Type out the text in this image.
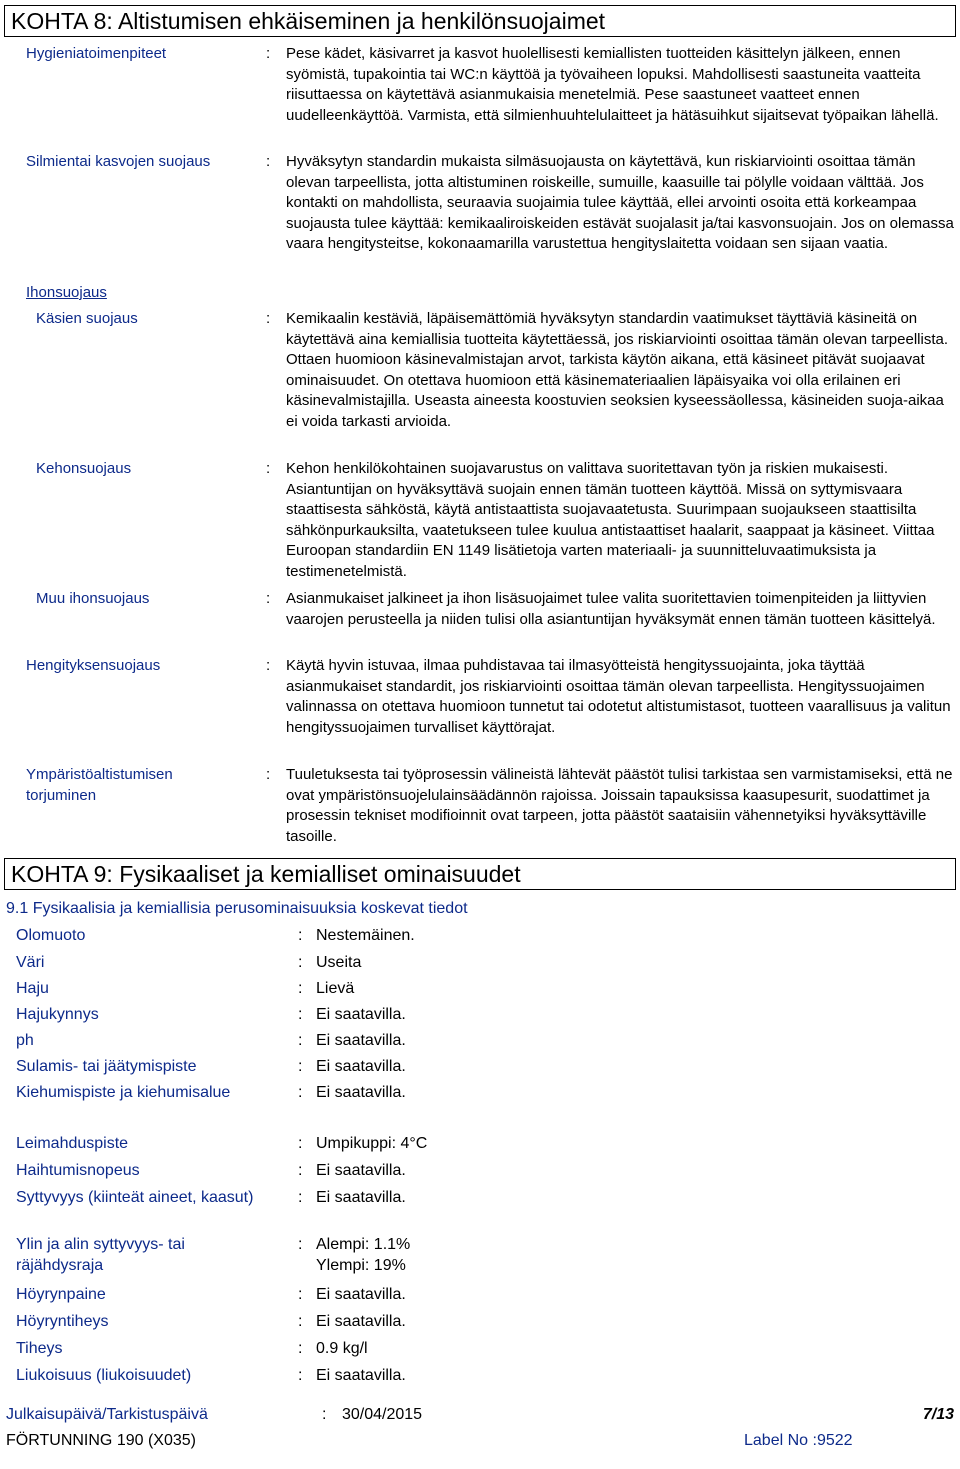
KOHTA 8: Altistumisen ehkäiseminen ja henkilönsuojaimet
Hygieniatoimenpiteet	: Pese kädet, käsivarret ja kasvot huolellisesti kemiallisten tuotteiden käsittelyn jälkeen, ennen syömistä, tupakointia tai WC:n käyttöä ja työvaiheen lopuksi. Mahdollisesti saastuneita vaatteita riisuttaessa on käytettävä asianmukaisia menetelmiä. Pese saastuneet vaatteet ennen uudelleenkäyttöä. Varmista, että silmienhuuhtelulaitteet ja hätäsuihkut sijaitsevat työpaikan lähellä.
Silmientai kasvojen suojaus	: Hyväksytyn standardin mukaista silmäsuojausta on käytettävä, kun riskiarviointi osoittaa tämän olevan tarpeellista, jotta altistuminen roiskeille, sumuille, kaasuille tai pölylle voidaan välttää. Jos kontakti on mahdollista, seuraavia suojaimia tulee käyttää, ellei arvointi osoita että korkeampaa suojausta tulee käyttää: kemikaaliroiskeiden estävät suojalasit ja/tai kasvonsuojain. Jos on olemassa vaara hengitysteitse, kokonaamarilla varustettua hengityslaitetta voidaan sen sijaan vaatia.
Ihonsuojaus
Käsien suojaus	: Kemikaalin kestäviä, läpäisemättömiä hyväksytyn standardin vaatimukset täyttäviä käsineitä on käytettävä aina kemiallisia tuotteita käytettäessä, jos riskiarviointi osoittaa tämän olevan tarpeellista. Ottaen huomioon käsinevalmistajan arvot, tarkista käytön aikana, että käsineet pitävät suojaavat ominaisuudet. On otettava huomioon että käsinemateriaalien läpäisyaika voi olla erilainen eri käsinevalmistajilla. Useasta aineesta koostuvien seoksien kyseessäollessa, käsineiden suoja-aikaa ei voida tarkasti arvioida.
Kehonsuojaus	: Kehon henkilökohtainen suojavarustus on valittava suoritettavan työn ja riskien mukaisesti. Asiantuntijan on hyväksyttävä suojain ennen tämän tuotteen käyttöä. Missä on syttymisvaara staattisesta sähköstä, käytä antistaattista suojavaatetusta. Suurimpaan suojaukseen staattisilta sähkönpurkauksilta, vaatetukseen tulee kuulua antistaattiset haalarit, saappaat ja käsineet. Viittaa Euroopan standardiin EN 1149 lisätietoja varten materiaali- ja suunnitteluvaatimuksista ja testimenetelmistä.
Muu ihonsuojaus	: Asianmukaiset jalkineet ja ihon lisäsuojaimet tulee valita suoritettavien toimenpiteiden ja liittyvien vaarojen perusteella ja niiden tulisi olla asiantuntijan hyväksymät ennen tämän tuotteen käsittelyä.
Hengityksensuojaus	: Käytä hyvin istuvaa, ilmaa puhdistavaa tai ilmasyötteistä hengityssuojainta, joka täyttää asianmukaiset standardit, jos riskiarviointi osoittaa tämän olevan tarpeellista. Hengityssuojaimen valinnassa on otettava huomioon tunnetut tai odotetut altistumistasot, tuotteen vaarallisuus ja valitun hengityssuojaimen turvalliset käyttörajat.
Ympäristöaltistumisen torjuminen
: Tuuletuksesta tai työprosessin välineistä lähtevät päästöt tulisi tarkistaa sen varmistamiseksi, että ne ovat ympäristönsuojelulainsäädännön rajoissa. Joissain tapauksissa kaasupesurit, suodattimet ja prosessin tekniset modifioinnit ovat tarpeen, jotta päästöt saataisiin vähennetyiksi hyväksyttäville tasoille.
KOHTA 9: Fysikaaliset ja kemialliset ominaisuudet
9.1 Fysikaalisia ja kemiallisia perusominaisuuksia koskevat tiedot
Olomuoto	: Nestemäinen.
Väri	: Useita
Haju	: Lievä
Hajukynnys	: Ei saatavilla.
ph	: Ei saatavilla.
Sulamis- tai jäätymispiste	: Ei saatavilla.
Kiehumispiste ja kiehumisalue	: Ei saatavilla.
Leimahduspiste	: Umpikuppi: 4°C
Haihtumisnopeus	: Ei saatavilla.
Syttyvyys (kiinteät aineet, kaasut)	: Ei saatavilla.
Ylin ja alin syttyvyys- tai räjähdysraja
: Alempi: 1.1%
Ylempi: 19%
Höyrynpaine	: Ei saatavilla.
Höyryntiheys	: Ei saatavilla.
Tiheys	: 0.9 kg/l
Liukoisuus (liukoisuudet)	: Ei saatavilla.
Julkaisupäivä/Tarkistuspäivä	: 30/04/2015	7/13
FÖRTUNNING 190 (X035)	Label No :9522
